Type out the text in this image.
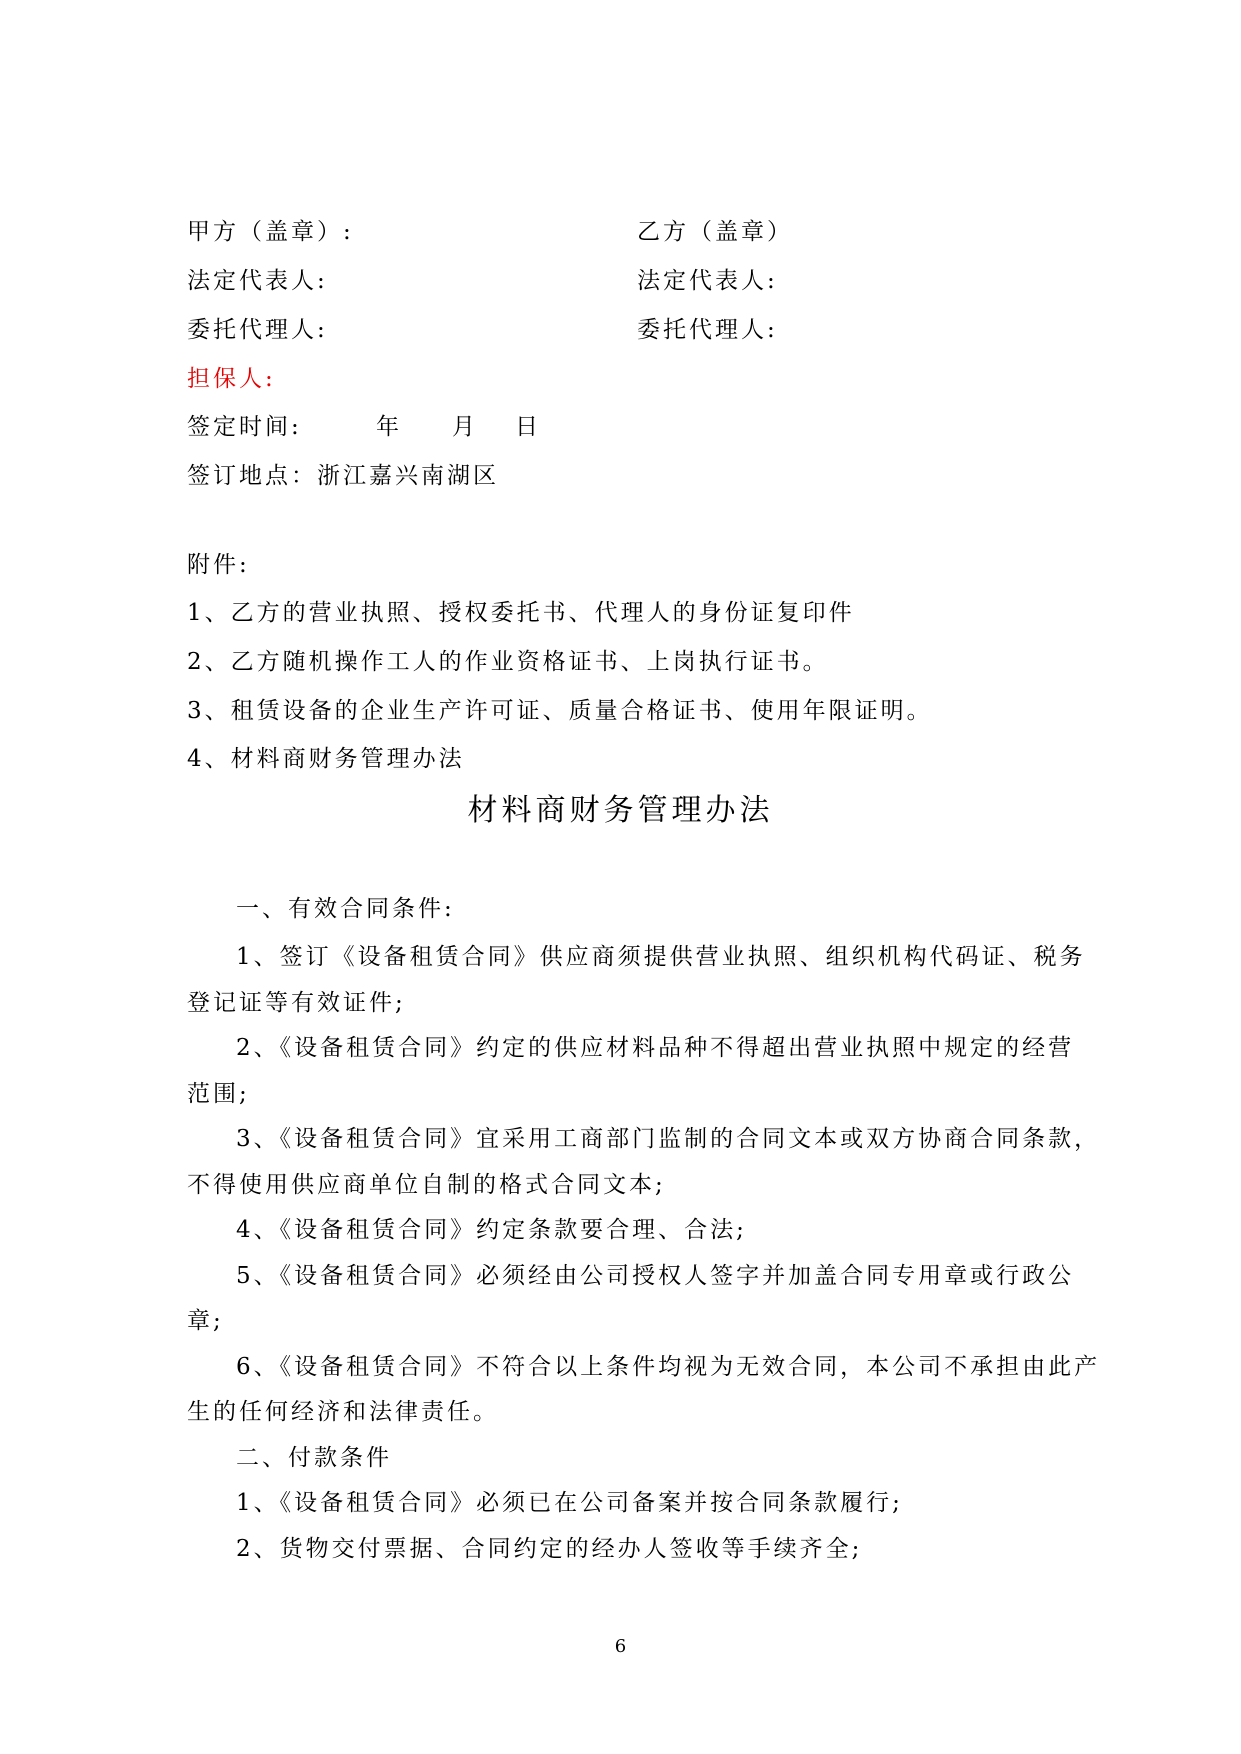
甲方（盖章）:	乙方（盖章）
法定代表人:	法定代表人:
委托代理人:	委托代理人:
担保人:
签定时间:	年 月 日
签订地点：浙江嘉兴南湖区
附件:
1、乙方的营业执照、授权委托书、代理人的身份证复印件
2、乙方随机操作工人的作业资格证书、上岗执行证书。
3、租赁设备的企业生产许可证、质量合格证书、使用年限证明。
4、材料商财务管理办法
材料商财务管理办法
一、有效合同条件:
1、签订《设备租赁合同》供应商须提供营业执照、组织机构代码证、税务
登记证等有效证件;
2、《设备租赁合同》约定的供应材料品种不得超出营业执照中规定的经营
范围;
3、《设备租赁合同》宜采用工商部门监制的合同文本或双方协商合同条款，
不得使用供应商单位自制的格式合同文本;
4、《设备租赁合同》约定条款要合理、合法;
5、《设备租赁合同》必须经由公司授权人签字并加盖合同专用章或行政公
章;
6、《设备租赁合同》不符合以上条件均视为无效合同，本公司不承担由此产
生的任何经济和法律责任。
二、付款条件
1、《设备租赁合同》必须已在公司备案并按合同条款履行;
2、货物交付票据、合同约定的经办人签收等手续齐全;
6
